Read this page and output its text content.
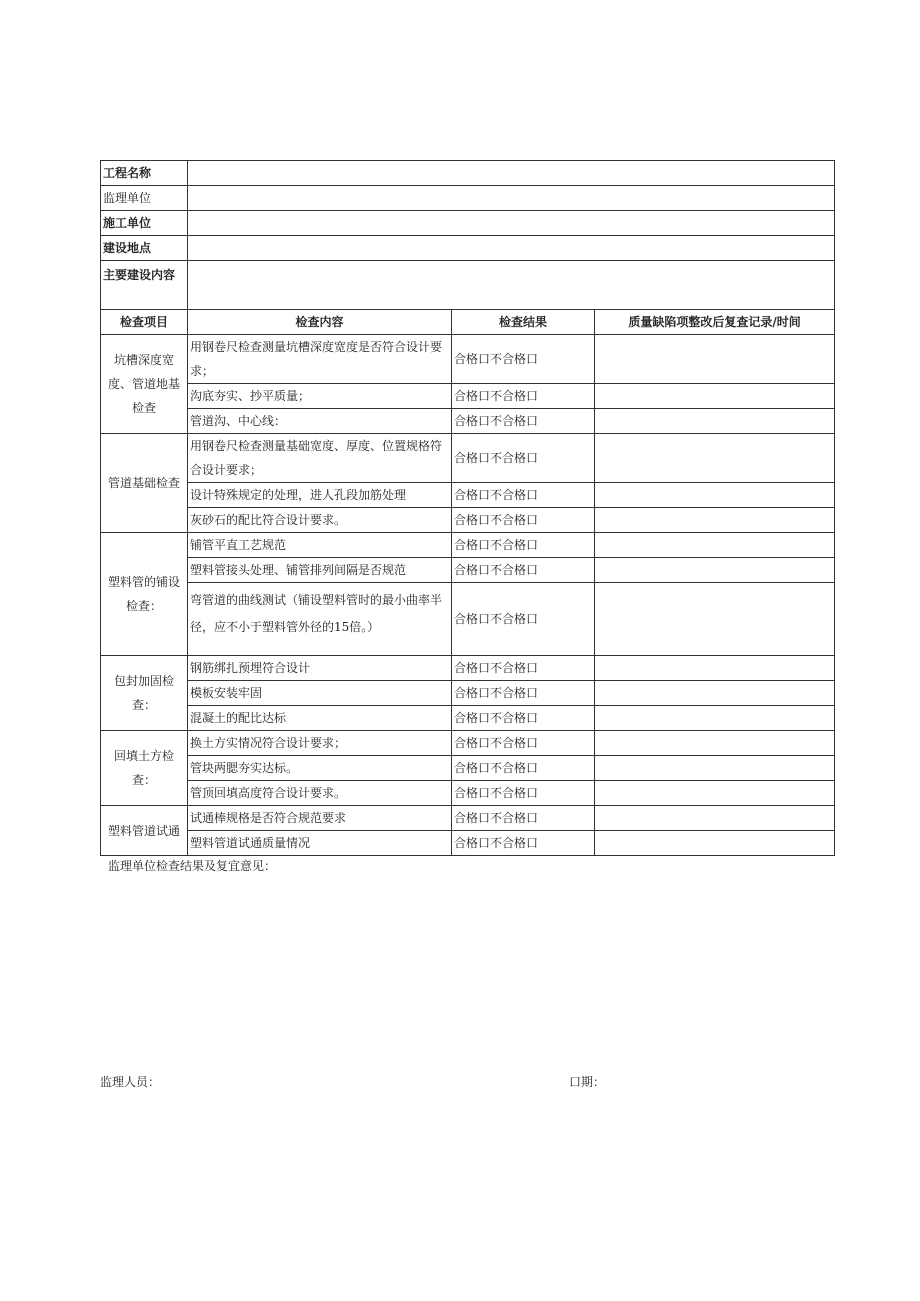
工程名称			
监理单位			
施工单位			
建设地点			
主要建设内容			
检查项目	检查内容	检查结果	质量缺陷项整改后复查记录/时间
坑槽深度宽度、管道地基检查	用钢卷尺检查测量坑槽深度宽度是否符合设计要求；	合格口不合格口	
	沟底夯实、抄平质量；	合格口不合格口	
	管道沟、中心线：	合格口不合格口	
管道基础检查	用钢卷尺检查测量基础宽度、厚度、位置规格符合设计要求；	合格口不合格口	
	设计特殊规定的处理，进人孔段加筋处理	合格口不合格口	
	灰砂石的配比符合设计要求。	合格口不合格口	
塑料管的铺设检查：	铺管平直工艺规范	合格口不合格口	
	塑料管接头处理、铺管排列间隔是否规范	合格口不合格口	
	弯管道的曲线测试（铺设塑料管时的最小曲率半径，应不小于塑料管外径的15倍。）	合格口不合格口	
包封加固检查：	钢筋绑扎预埋符合设计	合格口不合格口	
	模板安装牢固	合格口不合格口	
	混凝土的配比达标	合格口不合格口	
回填土方检查：	换土方实情况符合设计要求；	合格口不合格口	
	管块两腮夯实达标。	合格口不合格口	
	管顶回填高度符合设计要求。	合格口不合格口	
塑料管道试通	试通棒规格是否符合规范要求	合格口不合格口	
	塑料管道试通质量情况	合格口不合格口	
监理单位检查结果及复宜意见：
监理人员：	口期：
